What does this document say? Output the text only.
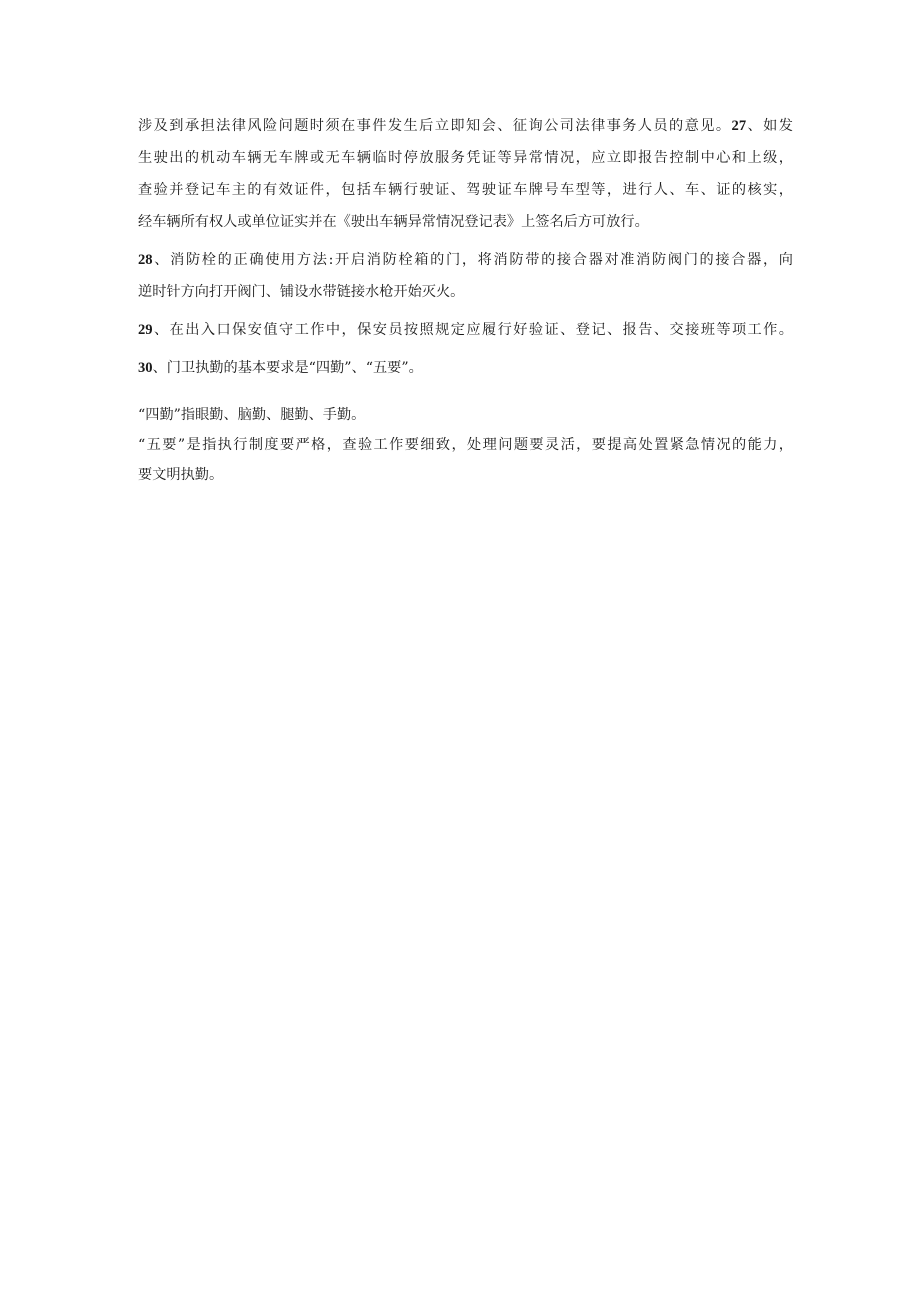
涉及到承担法律风险问题时须在事件发生后立即知会、征询公司法律事务人员的意见。27、如发
生驶出的机动车辆无车牌或无车辆临时停放服务凭证等异常情况，应立即报告控制中心和上级，
查验并登记车主的有效证件，包括车辆行驶证、驾驶证车牌号车型等，进行人、车、证的核实，
经车辆所有权人或单位证实并在《驶出车辆异常情况登记表》上签名后方可放行。
28、消防栓的正确使用方法:开启消防栓箱的门，将消防带的接合器对准消防阀门的接合器，向
逆时针方向打开阀门、铺设水带链接水枪开始灭火。
29、在出入口保安值守工作中，保安员按照规定应履行好验证、登记、报告、交接班等项工作。
30、门卫执勤的基本要求是“四勤”、“五要”。
“四勤”指眼勤、脑勤、腿勤、手勤。
“五要”是指执行制度要严格，查验工作要细致，处理问题要灵活，要提高处置紧急情况的能力，
要文明执勤。
